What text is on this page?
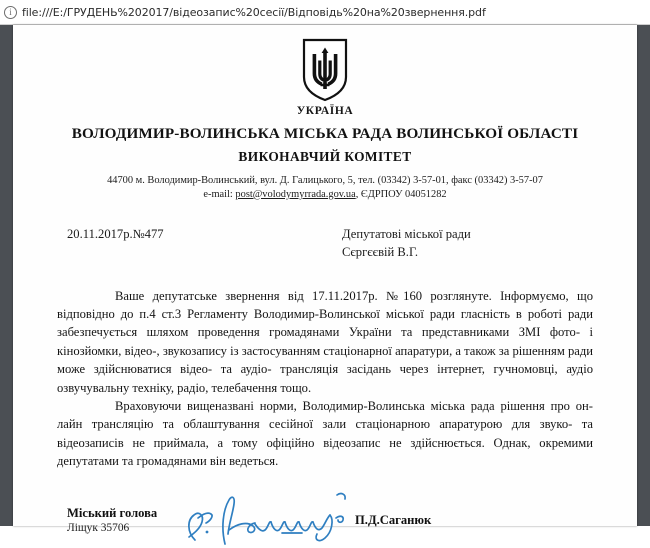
i file:///E:/ГРУДЕНЬ%202017/відеозапис%20сесії/Відповідь%20на%20звернення.pdf
УКРАЇНА
ВОЛОДИМИР-ВОЛИНСЬКА МІСЬКА РАДА ВОЛИНСЬКОЇ ОБЛАСТІ
ВИКОНАВЧИЙ КОМІТЕТ
44700 м. Володимир-Волинський, вул. Д. Галицького, 5, тел. (03342) 3-57-01, факс (03342) 3-57-07
e-mail: post@volodymyrrada.gov.ua, ЄДРПОУ 04051282
20.11.2017р.№477	Депутатові міської ради
Сєргєєвій В.Г.

Ваше депутатське звернення від 17.11.2017р. №160 розглянуте. Інформуємо, що відповідно до п.4 ст.3 Регламенту Володимир-Волинської міської ради гласність в роботі ради забезпечується шляхом проведення громадянами України та представниками ЗМІ фото- і кінозйомки, відео-, звукозапису із застосуванням стаціонарної апаратури, а також за рішенням ради може здійснюватися відео- та аудіо- трансляція засідань через інтернет, гучномовці, аудіо озвучувальну техніку, радіо, телебачення тощо.

Враховуючи вищеназвані норми, Володимир-Волинська міська рада рішення про он-лайн трансляцію та облаштування сесійної зали стаціонарною апаратурою для звуко- та відеозаписів не приймала, а тому офіційно відеозапис не здійснюється. Однак, окремими депутатами та громадянами він ведеться.

Міський голова
Ліщук 35706
П.Д.Саганюк
